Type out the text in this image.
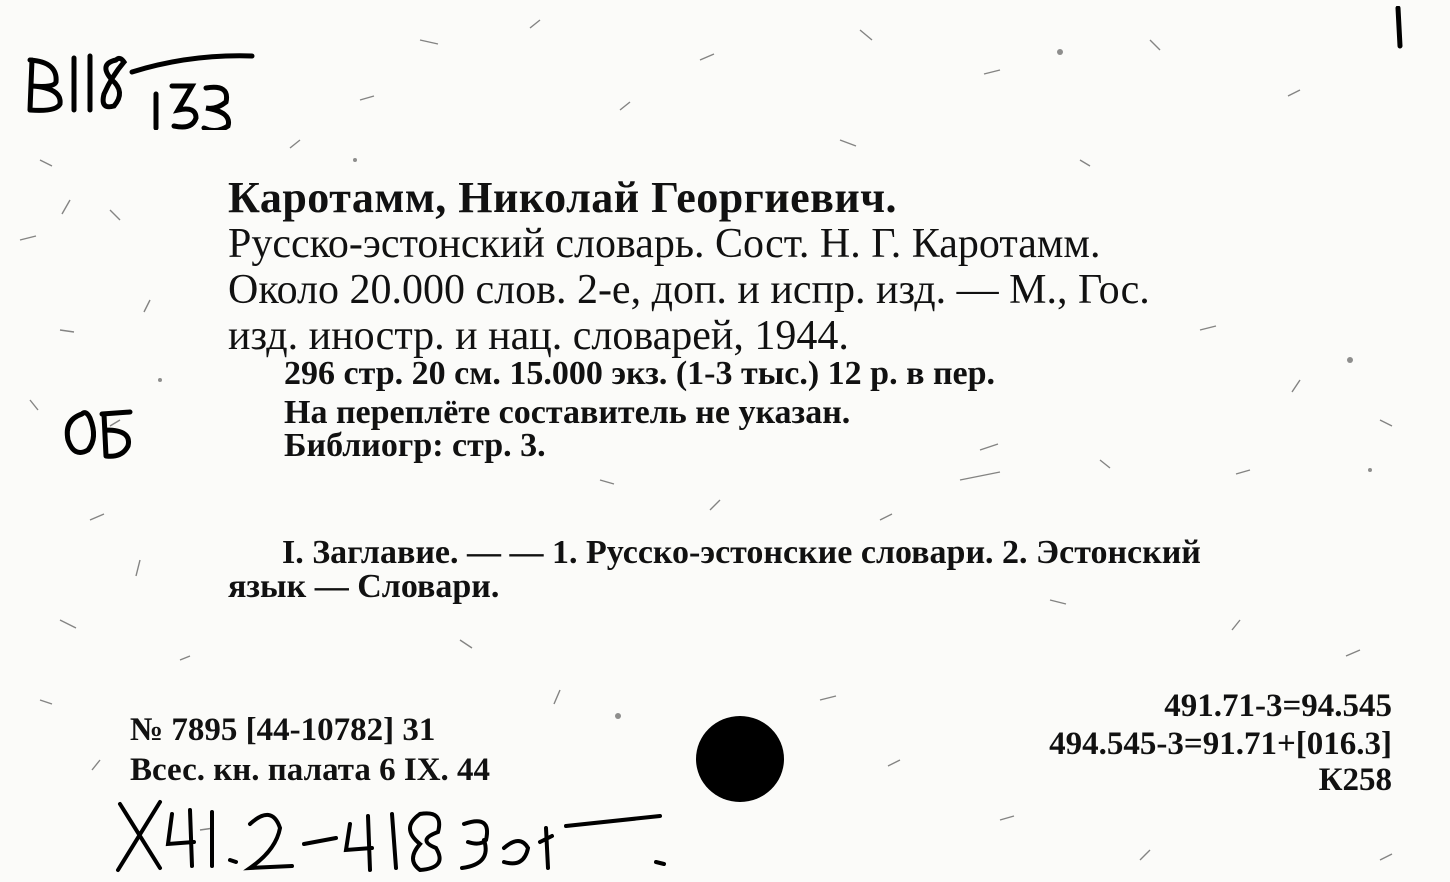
Каротамм, Николай Георгиевич.
Русско-эстонский словарь. Сост. Н. Г. Каротамм.
Около 20.000 слов. 2-е, доп. и испр. изд. — М., Гос.
изд. иностр. и нац. словарей, 1944.
296 стр. 20 см. 15.000 экз. (1-3 тыс.) 12 р. в пер.
На переплёте составитель не указан.
Библиогр: стр. 3.
I. Заглавие. — — 1. Русско-эстонские словари. 2. Эстонский
язык — Словари.
№ 7895 [44-10782] 31
Всес. кн. палата 6 IX. 44
491.71-3=94.545
494.545-3=91.71+[016.3]
К258
